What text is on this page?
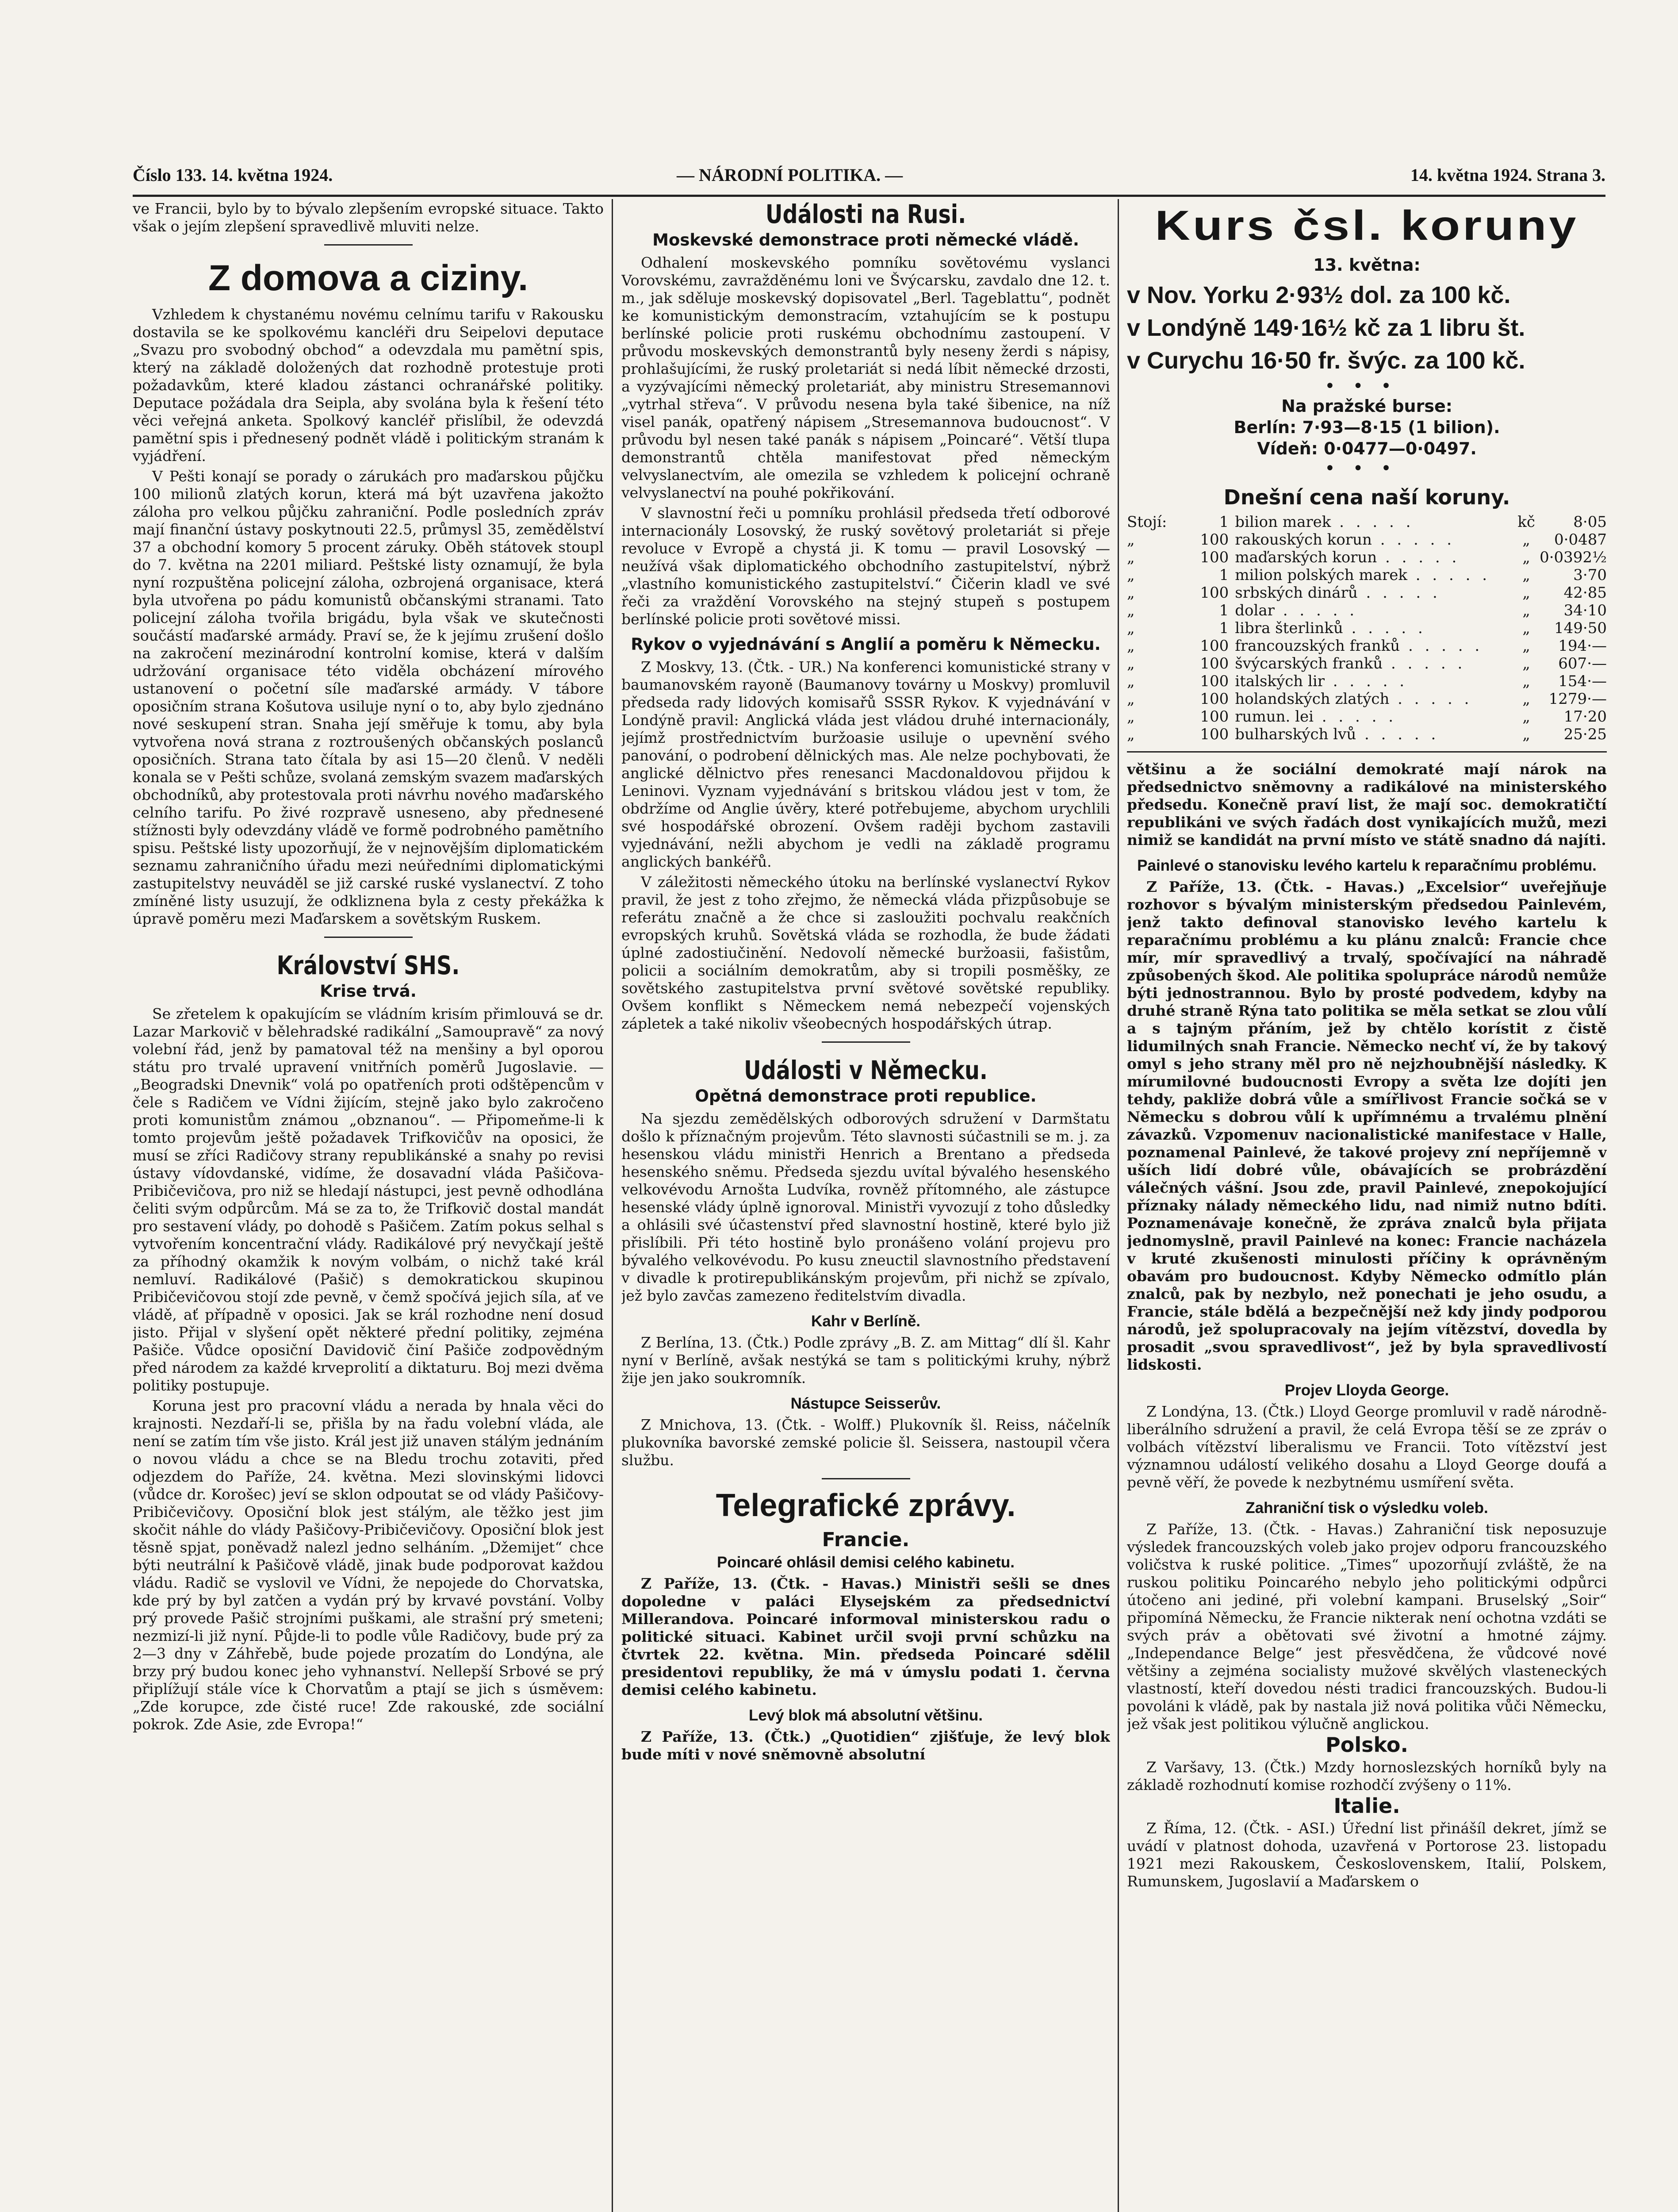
Číslo 133. 14. května 1924.	— NÁRODNÍ POLITIKA. —	14. května 1924. Strana 3.

ve Francii, bylo by to bývalo zlepšením evropské situace. Takto však o jejím zlepšení spravedlivě mluviti nelze.

Z domova a ciziny.

Vzhledem k chystanému novému celnímu tarifu v Rakousku dostavila se ke spolkovému kancléři dru Seipelovi deputace „Svazu pro svobodný obchod“ a odevzdala mu pamětní spis, který na základě doložených dat rozhodně protestuje proti požadavkům, které kladou zástanci ochranářské politiky. Deputace požádala dra Seipla, aby svolána byla k řešení této věci veřejná anketa. Spolkový kancléř přislíbil, že odevzdá pamětní spis i přednesený podnět vládě i politickým stranám k vyjádření.

V Pešti konají se porady o zárukách pro maďarskou půjčku 100 milionů zlatých korun, která má být uzavřena jakožto záloha pro velkou půjčku zahraniční. Podle posledních zpráv mají finanční ústavy poskytnouti 22.5, průmysl 35, zemědělství 37 a obchodní komory 5 procent záruky. Oběh státovek stoupl do 7. května na 2201 miliard. Peštské listy oznamují, že byla nyní rozpuštěna policejní záloha, ozbrojená organisace, která byla utvořena po pádu komunistů občanskými stranami. Tato policejní záloha tvořila brigádu, byla však ve skutečnosti součástí maďarské armády. Praví se, že k jejímu zrušení došlo na zakročení mezinárodní kontrolní komise, která v dalším udržování organisace této viděla obcházení mírového ustanovení o početní síle maďarské armády. V tábore oposičním strana Košutova usiluje nyní o to, aby bylo zjednáno nové seskupení stran. Snaha její směřuje k tomu, aby byla vytvořena nová strana z roztroušených občanských poslanců oposičních. Strana tato čítala by asi 15—20 členů. V neděli konala se v Pešti schůze, svolaná zemským svazem maďarských obchodníků, aby protestovala proti návrhu nového maďarského celního tarifu. Po živé rozpravě usneseno, aby přednesené stížnosti byly odevzdány vládě ve formě podrobného pamětního spisu. Peštské listy upozorňují, že v nejnovějším diplomatickém seznamu zahraničního úřadu mezi neúředními diplomatickými zastupitelstvy neuváděl se již carské ruské vyslanectví. Z toho zmíněné listy usuzují, že odkliznena byla z cesty překážka k úpravě poměru mezi Maďarskem a sovětským Ruskem.

Království SHS.
Krise trvá.

Se zřetelem k opakujícím se vládním krisím přimlouvá se dr. Lazar Markovič v bělehradské radikální „Samoupravě“ za nový volební řád, jenž by pamatoval též na menšiny a byl oporou státu pro trvalé upravení vnitřních poměrů Jugoslavie. — „Beogradski Dnevnik“ volá po opatřeních proti odštěpencům v čele s Radičem ve Vídni žijícím, stejně jako bylo zakročeno proti komunistům známou „obznanou“. — Připomeňme-li k tomto projevům ještě požadavek Trifkovičův na oposici, že musí se zříci Radičovy strany republikánské a snahy po revisi ústavy vídovdanské, vidíme, že dosavadní vláda Pašičova-Pribičevičova, pro niž se hledají nástupci, jest pevně odhodlána čeliti svým odpůrcům. Má se za to, že Trifkovič dostal mandát pro sestavení vlády, po dohodě s Pašičem. Zatím pokus selhal s vytvořením koncentrační vlády. Radikálové prý nevyčkají ještě za příhodný okamžik k novým volbám, o nichž také král nemluví. Radikálové (Pašič) s demokratickou skupinou Pribičevičovou stojí zde pevně, v čemž spočívá jejich síla, ať ve vládě, ať případně v oposici. Jak se král rozhodne není dosud jisto. Přijal v slyšení opět některé přední politiky, zejména Pašiče. Vůdce oposiční Davidovič činí Pašiče zodpovědným před národem za každé krveprolití a diktaturu. Boj mezi dvěma politiky postupuje.

Koruna jest pro pracovní vládu a nerada by hnala věci do krajnosti. Nezdaří-li se, přišla by na řadu volební vláda, ale není se zatím tím vše jisto. Král jest již unaven stálým jednáním o novou vládu a chce se na Bledu trochu zotaviti, před odjezdem do Paříže, 24. května. Mezi slovinskými lidovci (vůdce dr. Korošec) jeví se sklon odpoutat se od vlády Pašičovy-Pribičevičovy. Oposiční blok jest stálým, ale těžko jest jim skočit náhle do vlády Pašičovy-Pribičevičovy. Oposiční blok jest těsně spjat, poněvadž nalezl jedno selháním. „Džemijet“ chce býti neutrální k Pašičově vládě, jinak bude podporovat každou vládu. Radič se vyslovil ve Vídni, že nepojede do Chorvatska, kde prý by byl zatčen a vydán prý by krvavé povstání. Volby prý provede Pašič strojními puškami, ale strašní prý smeteni; nezmizí-li již nyní. Půjde-li to podle vůle Radičovy, bude prý za 2—3 dny v Záhřebě, bude pojede prozatím do Londýna, ale brzy prý budou konec jeho vyhnanství. Nellepší Srbové se prý připlížují stále více k Chorvatům a ptají se jich s úsměvem: „Zde korupce, zde čisté ruce! Zde rakouské, zde sociální pokrok. Zde Asie, zde Evropa!“

Události na Rusi.
Moskevské demonstrace proti německé vládě.

Odhalení moskevského pomníku sovětovému vyslanci Vorovskému, zavražděnému loni ve Švýcarsku, zavdalo dne 12. t. m., jak sděluje moskevský dopisovatel „Berl. Tageblattu“, podnět ke komunistickým demonstracím, vztahujícím se k postupu berlínské policie proti ruskému obchodnímu zastoupení. V průvodu moskevských demonstrantů byly neseny žerdi s nápisy, prohlašujícími, že ruský proletariát si nedá líbit německé drzosti, a vyzývajícími německý proletariát, aby ministru Stresemannovi „vytrhal střeva“. V průvodu nesena byla také šibenice, na níž visel panák, opatřený nápisem „Stresemannova budoucnost“. V průvodu byl nesen také panák s nápisem „Poincaré“. Větší tlupa demonstrantů chtěla manifestovat před německým velvyslanectvím, ale omezila se vzhledem k policejní ochraně velvyslanectví na pouhé pokřikování.

V slavnostní řeči u pomníku prohlásil předseda třetí odborové internacionály Losovský, že ruský sovětový proletariát si přeje revoluce v Evropě a chystá ji. K tomu — pravil Losovský — neužívá však diplomatického obchodního zastupitelství, nýbrž „vlastního komunistického zastupitelství.“ Čičerin kladl ve své řeči za vraždění Vorovského na stejný stupeň s postupem berlínské policie proti sovětové missi.

Rykov o vyjednávání s Anglií a poměru k Německu.

Z Moskvy, 13. (Čtk. - UR.) Na konferenci komunistické strany v baumanovském rayoně (Baumanovy továrny u Moskvy) promluvil předseda rady lidových komisařů SSSR Rykov. K vyjednávání v Londýně pravil: Anglická vláda jest vládou druhé internacionály, jejímž prostřednictvím buržoasie usiluje o upevnění svého panování, o podrobení dělnických mas. Ale nelze pochybovati, že anglické dělnictvo přes renesanci Macdonaldovou přijdou k Leninovi. Vyznam vyjednávání s britskou vládou jest v tom, že obdržíme od Anglie úvěry, které potřebujeme, abychom urychlili své hospodářské obrození. Ovšem raději bychom zastavili vyjednávání, nežli abychom je vedli na základě programu anglických bankéřů.

V záležitosti německého útoku na berlínské vyslanectví Rykov pravil, že jest z toho zřejmo, že německá vláda přizpůsobuje se referátu značně a že chce si zasloužiti pochvalu reakčních evropských kruhů. Sovětská vláda se rozhodla, že bude žádati úplné zadostiučinění. Nedovolí německé buržoasii, fašistům, policii a sociálním demokratům, aby si tropili posměšky, ze sovětského zastupitelstva první světové sovětské republiky. Ovšem konflikt s Německem nemá nebezpečí vojenských zápletek a také nikoliv všeobecných hospodářských útrap.

Události v Německu.
Opětná demonstrace proti republice.

Na sjezdu zemědělských odborových sdružení v Darmštatu došlo k příznačným projevům. Této slavnosti súčastnili se m. j. za hesenskou vládu ministři Henrich a Brentano a předseda hesenského sněmu. Předseda sjezdu uvítal bývalého hesenského velkovévodu Arnošta Ludvíka, rovněž přítomného, ale zástupce hesenské vlády úplně ignoroval. Ministři vyvozují z toho důsledky a ohlásili své účastenství před slavnostní hostině, které bylo již přislíbili. Při této hostině bylo pronášeno volání projevu pro bývalého velkovévodu. Po kusu zneuctil slavnostního představení v divadle k protirepublikánským projevům, při nichž se zpívalo, jež bylo zavčas zamezeno ředitelstvím divadla.

Kahr v Berlíně.

Z Berlína, 13. (Čtk.) Podle zprávy „B. Z. am Mittag“ dlí šl. Kahr nyní v Berlíně, avšak nestýká se tam s politickými kruhy, nýbrž žije jen jako soukromník.

Nástupce Seisserův.

Z Mnichova, 13. (Čtk. - Wolff.) Plukovník šl. Reiss, náčelník plukovníka bavorské zemské policie šl. Seissera, nastoupil včera službu.

Telegrafické zprávy.
Francie.
Poincaré ohlásil demisi celého kabinetu.

Z Paříže, 13. (Čtk. - Havas.) Ministři sešli se dnes dopoledne v paláci Elysejském za předsednictví Millerandova. Poincaré informoval ministerskou radu o politické situaci. Kabinet určil svoji první schůzku na čtvrtek 22. května. Min. předseda Poincaré sdělil presidentovi republiky, že má v úmyslu podati 1. června demisi celého kabinetu.

Levý blok má absolutní většinu.

Z Paříže, 13. (Čtk.) „Quotidien“ zjišťuje, že levý blok bude míti v nové sněmovně absolutní

Kurs čsl. koruny
13. května:
v Nov. Yorku 2·93½ dol. za 100 kč.
v Londýně 149·16½ kč za 1 libru št.
v Curychu 16·50 fr. švýc. za 100 kč.
•••
Na pražské burse:
Berlín: 7·93—8·15 (1 bilion).
Vídeň: 0·0477—0·0497.
•••
Dnešní cena naší koruny.
Stojí:	1	bilion marek . . . . .	kč	8·05
„	100	rakouských korun . . . . .	„	0·0487
„	100	maďarských korun . . . . .	„	0·0392½
„	1	milion polských marek . . . . .	„	3·70
„	100	srbských dinárů . . . . .	„	42·85
„	1	dolar . . . . .	„	34·10
„	1	libra šterlinků . . . . .	„	149·50
„	100	francouzských franků . . . . .	„	194·—
„	100	švýcarských franků . . . . .	„	607·—
„	100	italských lir . . . . .	„	154·—
„	100	holandských zlatých . . . . .	„	1279·—
„	100	rumun. lei . . . . .	„	17·20
„	100	bulharských lvů . . . . .	„	25·25

většinu a že sociální demokraté mají nárok na předsednictvo sněmovny a radikálové na ministerského předsedu. Konečně praví list, že mají soc. demokratičtí republikáni ve svých řadách dost vynikajících mužů, mezi nimiž se kandidát na první místo ve státě snadno dá najíti.

Painlevé o stanovisku levého kartelu k reparačnímu problému.

Z Paříže, 13. (Čtk. - Havas.) „Excelsior“ uveřejňuje rozhovor s bývalým ministerským předsedou Painlevém, jenž takto definoval stanovisko levého kartelu k reparačnímu problému a ku plánu znalců: Francie chce mír, mír spravedlivý a trvalý, spočívající na náhradě způsobených škod. Ale politika spolupráce národů nemůže býti jednostrannou. Bylo by prosté podvedem, kdyby na druhé straně Rýna tato politika se měla setkat se zlou vůlí a s tajným přáním, jež by chtělo korístit z čistě lidumilných snah Francie. Německo nechť ví, že by takový omyl s jeho strany měl pro ně nejzhoubnější následky. K mírumilovné budoucnosti Evropy a světa lze dojíti jen tehdy, pakliže dobrá vůle a smířlivost Francie sočká se v Německu s dobrou vůlí k upřímnému a trvalému plnění závazků. Vzpomenuv nacionalistické manifestace v Halle, poznamenal Painlevé, že takové projevy zní nepříjemně v uších lidí dobré vůle, obávajících se probrázdění válečných vášní. Jsou zde, pravil Painlevé, znepokojující příznaky nálady německého lidu, nad nimiž nutno bdíti. Poznamenávaje konečně, že zpráva znalců byla přijata jednomyslně, pravil Painlevé na konec: Francie nacházela v kruté zkušenosti minulosti příčiny k oprávněným obavám pro budoucnost. Kdyby Německo odmítlo plán znalců, pak by nezbylo, než ponechati je jeho osudu, a Francie, stále bdělá a bezpečnější než kdy jindy podporou národů, jež spolupracovaly na jejím vítězství, dovedla by prosadit „svou spravedlivost“, jež by byla spravedlivostí lidskosti.

Projev Lloyda George.

Z Londýna, 13. (Čtk.) Lloyd George promluvil v radě národně-liberálního sdružení a pravil, že celá Evropa těší se ze zpráv o volbách vítězství liberalismu ve Francii. Toto vítězství jest významnou událostí velikého dosahu a Lloyd George doufá a pevně věří, že povede k nezbytnému usmíření světa.

Zahraniční tisk o výsledku voleb.

Z Paříže, 13. (Čtk. - Havas.) Zahraniční tisk neposuzuje výsledek francouzských voleb jako projev odporu francouzského voličstva k ruské politice. „Times“ upozorňují zvláště, že na ruskou politiku Poincarého nebylo jeho politickými odpůrci útočeno ani jediné, při volební kampani. Bruselský „Soir“ připomíná Německu, že Francie nikterak není ochotna vzdáti se svých práv a obětovati své životní a hmotné zájmy. „Independance Belge“ jest přesvědčena, že vůdcové nové většiny a zejména socialisty mužové skvělých vlasteneckých vlastností, kteří dovedou nésti tradici francouzských. Budou-li povoláni k vládě, pak by nastala již nová politika vůči Německu, jež však jest politikou výlučně anglickou.

Polsko.

Z Varšavy, 13. (Čtk.) Mzdy hornoslezských horníků byly na základě rozhodnutí komise rozhodčí zvýšeny o 11%.

Italie.

Z Říma, 12. (Čtk. - ASI.) Úřední list přinášíl dekret, jímž se uvádí v platnost dohoda, uzavřená v Portorose 23. listopadu 1921 mezi Rakouskem, Československem, Italií, Polskem, Rumunskem, Jugoslavií a Maďarskem o
